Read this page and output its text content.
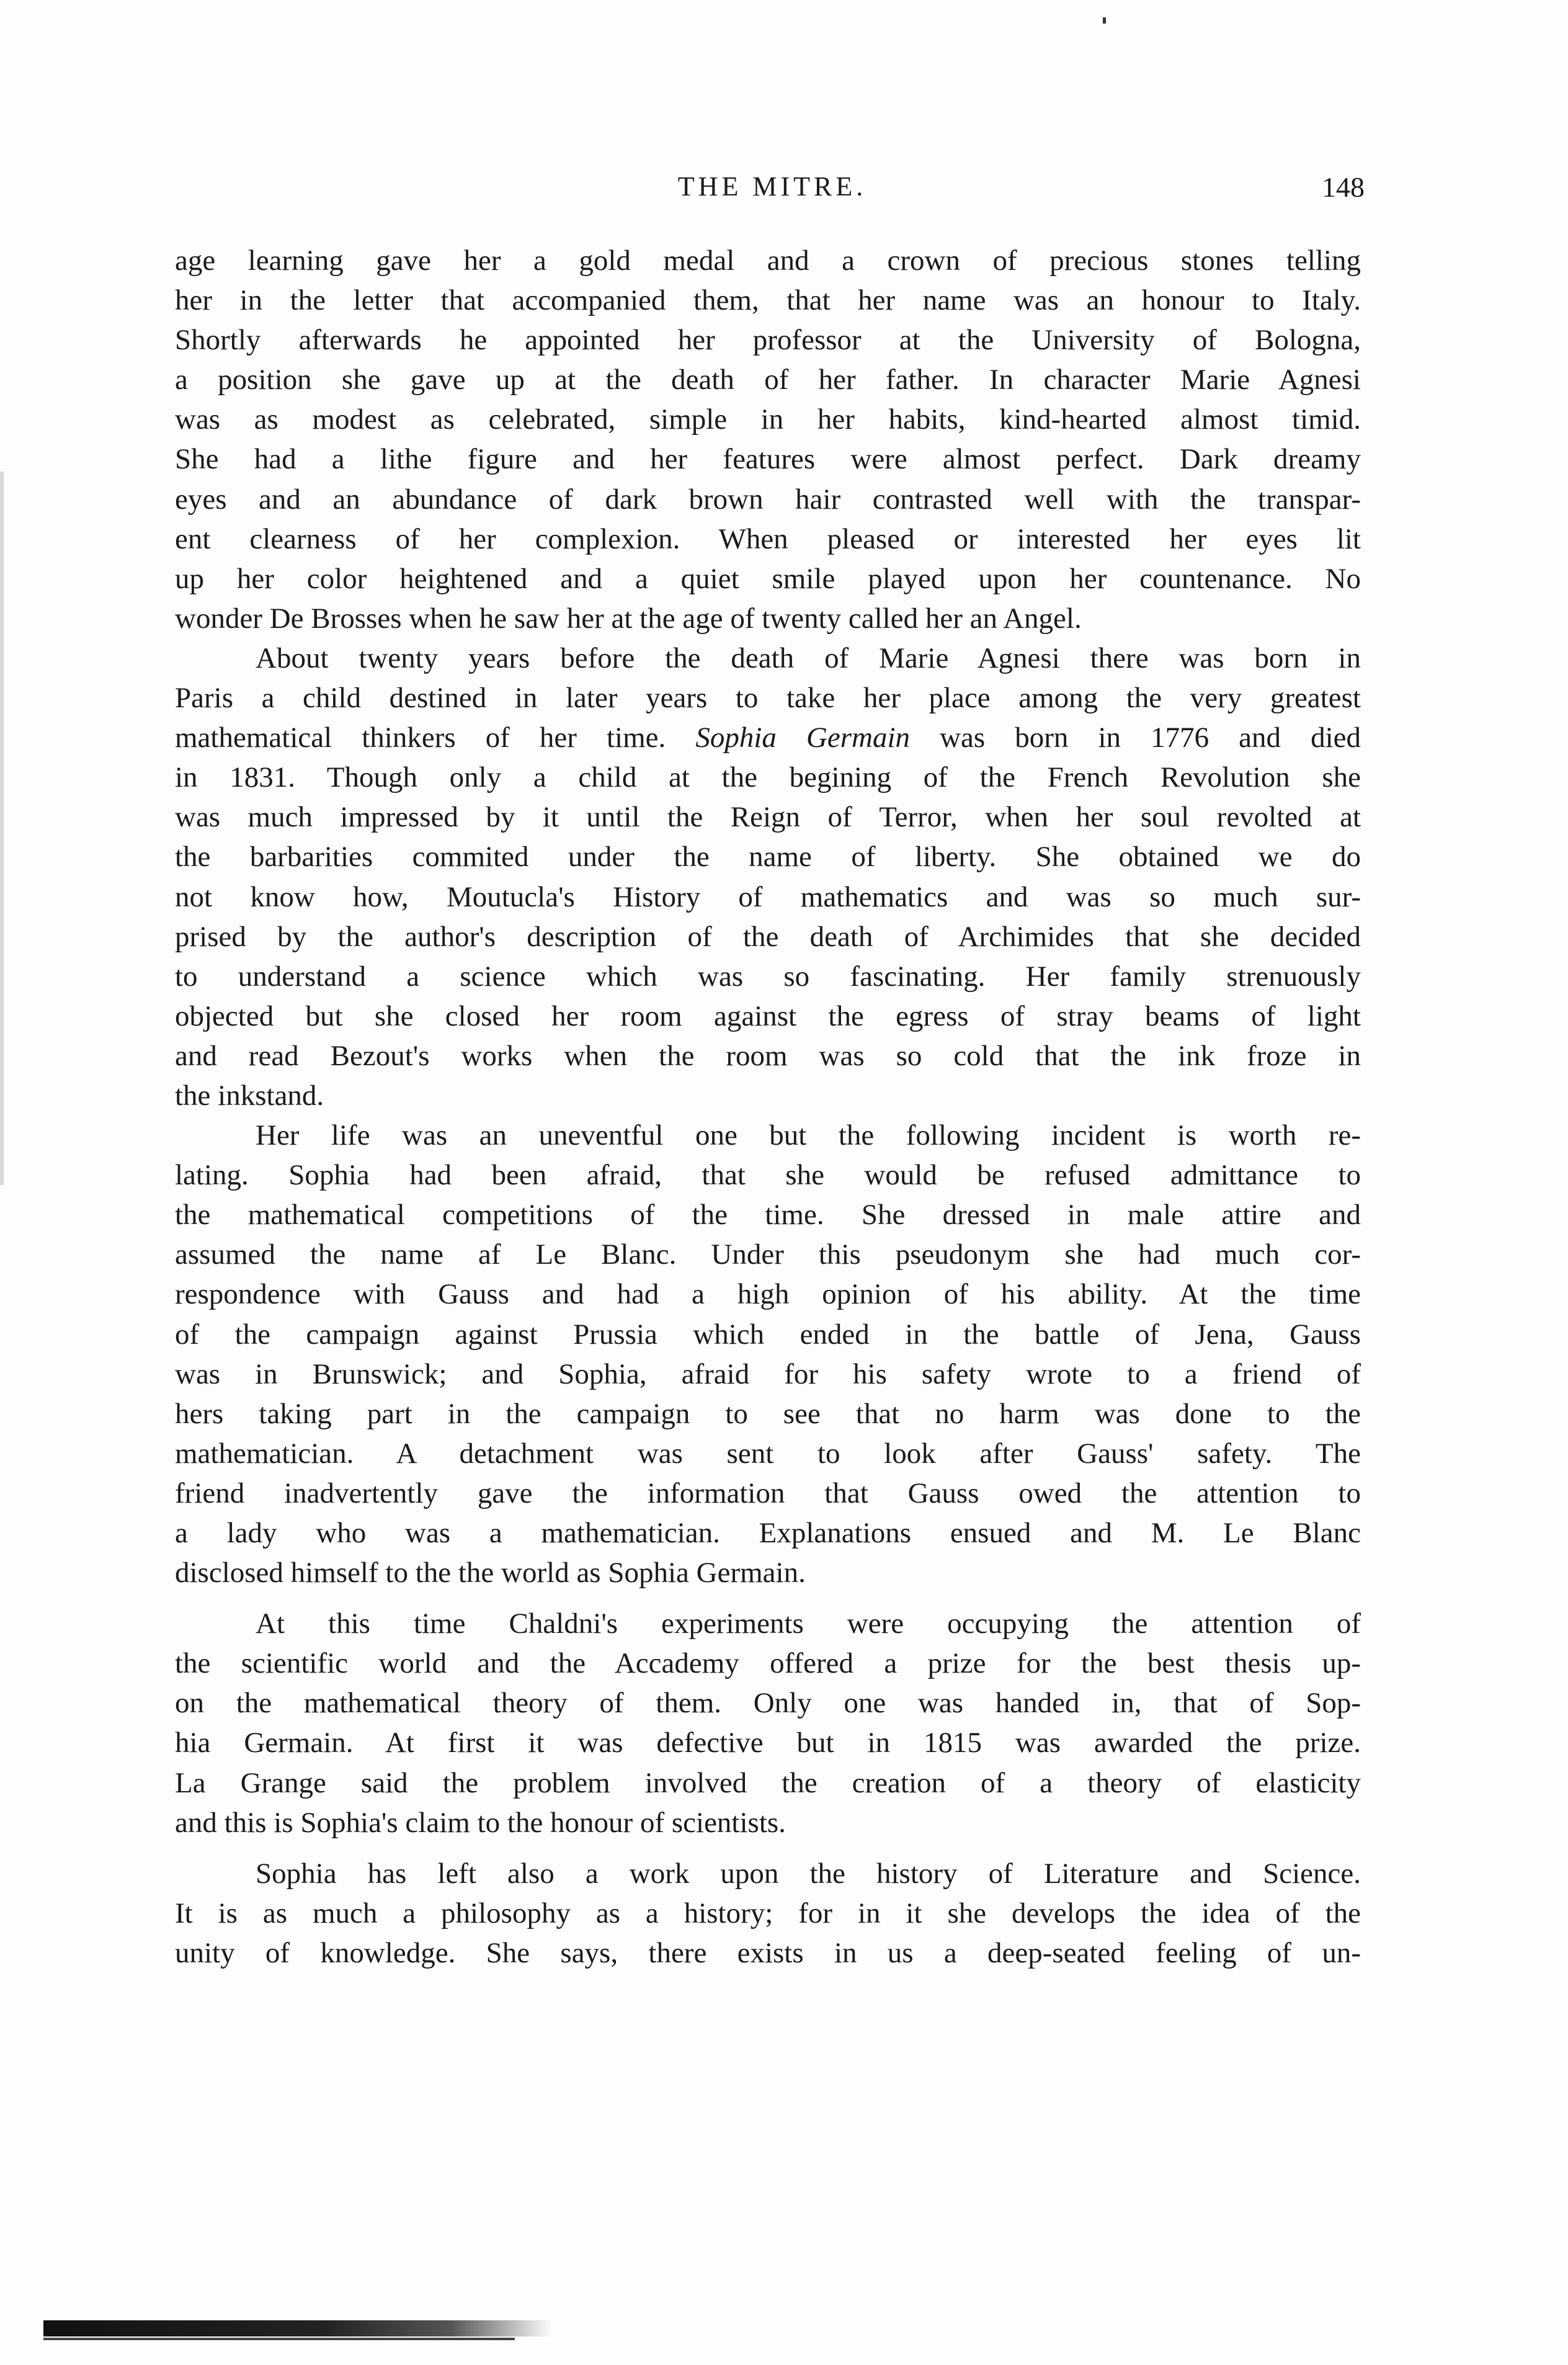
THE MITRE.	148
age learning gave her a gold medal and a crown of precious stones telling
her in the letter that accompanied them, that her name was an honour to Italy.
Shortly afterwards he appointed her professor at the University of Bologna,
a position she gave up at the death of her father. In character Marie Agnesi
was as modest as celebrated, simple in her habits, kind-hearted almost timid.
She had a lithe figure and her features were almost perfect. Dark dreamy
eyes and an abundance of dark brown hair contrasted well with the transpar-
ent clearness of her complexion. When pleased or interested her eyes lit
up her color heightened and a quiet smile played upon her countenance. No
wonder De Brosses when he saw her at the age of twenty called her an Angel.
About twenty years before the death of Marie Agnesi there was born in
Paris a child destined in later years to take her place among the very greatest
mathematical thinkers of her time. Sophia Germain was born in 1776 and died
in 1831. Though only a child at the begining of the French Revolution she
was much impressed by it until the Reign of Terror, when her soul revolted at
the barbarities commited under the name of liberty. She obtained we do
not know how, Moutucla's History of mathematics and was so much sur-
prised by the author's description of the death of Archimides that she decided
to understand a science which was so fascinating. Her family strenuously
objected but she closed her room against the egress of stray beams of light
and read Bezout's works when the room was so cold that the ink froze in
the inkstand.
Her life was an uneventful one but the following incident is worth re-
lating. Sophia had been afraid, that she would be refused admittance to
the mathematical competitions of the time. She dressed in male attire and
assumed the name af Le Blanc. Under this pseudonym she had much cor-
respondence with Gauss and had a high opinion of his ability. At the time
of the campaign against Prussia which ended in the battle of Jena, Gauss
was in Brunswick; and Sophia, afraid for his safety wrote to a friend of
hers taking part in the campaign to see that no harm was done to the
mathematician. A detachment was sent to look after Gauss' safety. The
friend inadvertently gave the information that Gauss owed the attention to
a lady who was a mathematician. Explanations ensued and M. Le Blanc
disclosed himself to the the world as Sophia Germain.
At this time Chaldni's experiments were occupying the attention of
the scientific world and the Accademy offered a prize for the best thesis up-
on the mathematical theory of them. Only one was handed in, that of Sop-
hia Germain. At first it was defective but in 1815 was awarded the prize.
La Grange said the problem involved the creation of a theory of elasticity
and this is Sophia's claim to the honour of scientists.
Sophia has left also a work upon the history of Literature and Science.
It is as much a philosophy as a history; for in it she develops the idea of the
unity of knowledge. She says, there exists in us a deep-seated feeling of un-
